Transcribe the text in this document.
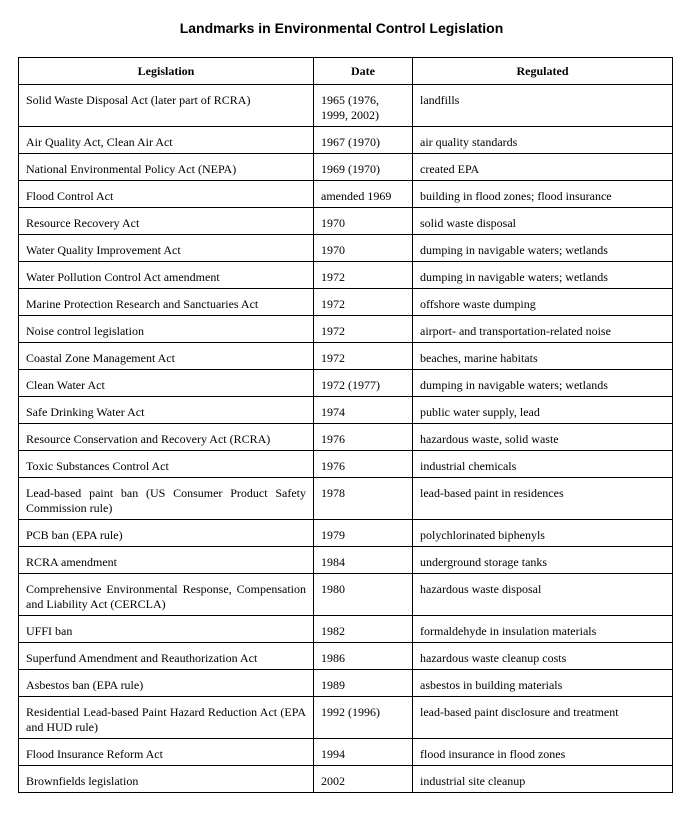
Landmarks in Environmental Control Legislation
Legislation	Date	Regulated
Solid Waste Disposal Act (later part of RCRA)	1965 (1976, 1999, 2002)	landfills
Air Quality Act, Clean Air Act	1967 (1970)	air quality standards
National Environmental Policy Act (NEPA)	1969 (1970)	created EPA
Flood Control Act	amended 1969	building in flood zones; flood insurance
Resource Recovery Act	1970	solid waste disposal
Water Quality Improvement Act	1970	dumping in navigable waters; wetlands
Water Pollution Control Act amendment	1972	dumping in navigable waters; wetlands
Marine Protection Research and Sanctuaries Act	1972	offshore waste dumping
Noise control legislation	1972	airport- and transportation-related noise
Coastal Zone Management Act	1972	beaches, marine habitats
Clean Water Act	1972 (1977)	dumping in navigable waters; wetlands
Safe Drinking Water Act	1974	public water supply, lead
Resource Conservation and Recovery Act (RCRA)	1976	hazardous waste, solid waste
Toxic Substances Control Act	1976	industrial chemicals
Lead-based paint ban (US Consumer Product Safety Commission rule)	1978	lead-based paint in residences
PCB ban (EPA rule)	1979	polychlorinated biphenyls
RCRA amendment	1984	underground storage tanks
Comprehensive Environmental Response, Compensation and Liability Act (CERCLA)	1980	hazardous waste disposal
UFFI ban	1982	formaldehyde in insulation materials
Superfund Amendment and Reauthorization Act	1986	hazardous waste cleanup costs
Asbestos ban (EPA rule)	1989	asbestos in building materials
Residential Lead-based Paint Hazard Reduction Act (EPA and HUD rule)	1992 (1996)	lead-based paint disclosure and treatment
Flood Insurance Reform Act	1994	flood insurance in flood zones
Brownfields legislation	2002	industrial site cleanup
